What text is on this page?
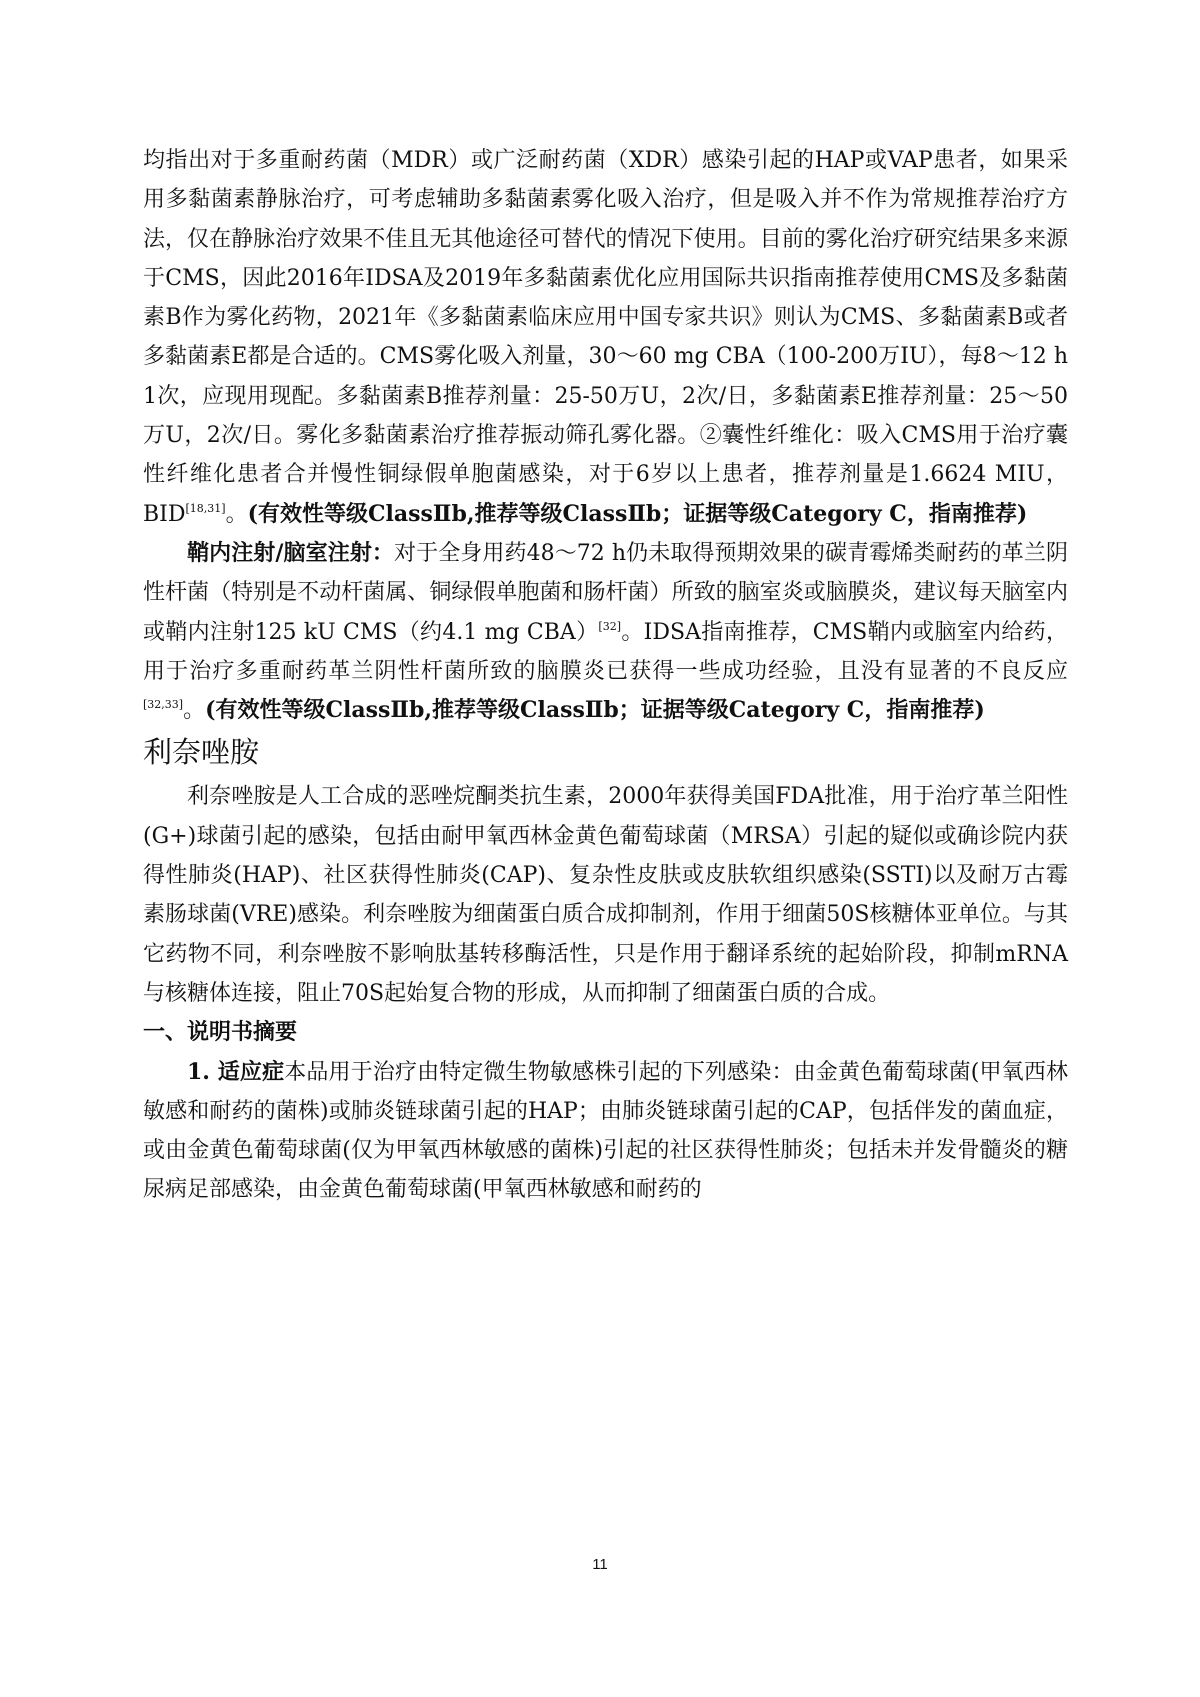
均指出对于多重耐药菌（MDR）或广泛耐药菌（XDR）感染引起的HAP或VAP患者，如果采用多黏菌素静脉治疗，可考虑辅助多黏菌素雾化吸入治疗，但是吸入并不作为常规推荐治疗方法，仅在静脉治疗效果不佳且无其他途径可替代的情况下使用。目前的雾化治疗研究结果多来源于CMS，因此2016年IDSA及2019年多黏菌素优化应用国际共识指南推荐使用CMS及多黏菌素B作为雾化药物，2021年《多黏菌素临床应用中国专家共识》则认为CMS、多黏菌素B或者多黏菌素E都是合适的。CMS雾化吸入剂量，30～60 mg CBA（100-200万IU），每8～12 h 1次，应现用现配。多黏菌素B推荐剂量：25-50万U，2次/日，多黏菌素E推荐剂量：25～50万U，2次/日。雾化多黏菌素治疗推荐振动筛孔雾化器。②囊性纤维化：吸入CMS用于治疗囊性纤维化患者合并慢性铜绿假单胞菌感染，对于6岁以上患者，推荐剂量是1.6624 MIU，BID[18,31]。(有效性等级ClassⅡb,推荐等级ClassⅡb；证据等级Category C，指南推荐)

鞘内注射/脑室注射：对于全身用药48～72 h仍未取得预期效果的碳青霉烯类耐药的革兰阴性杆菌（特别是不动杆菌属、铜绿假单胞菌和肠杆菌）所致的脑室炎或脑膜炎，建议每天脑室内或鞘内注射125 kU CMS（约4.1 mg CBA）[32]。IDSA指南推荐，CMS鞘内或脑室内给药，用于治疗多重耐药革兰阴性杆菌所致的脑膜炎已获得一些成功经验，且没有显著的不良反应[32,33]。(有效性等级ClassⅡb,推荐等级ClassⅡb；证据等级Category C，指南推荐)

利奈唑胺

利奈唑胺是人工合成的恶唑烷酮类抗生素，2000年获得美国FDA批准，用于治疗革兰阳性(G+)球菌引起的感染，包括由耐甲氧西林金黄色葡萄球菌（MRSA）引起的疑似或确诊院内获得性肺炎(HAP)、社区获得性肺炎(CAP)、复杂性皮肤或皮肤软组织感染(SSTI)以及耐万古霉素肠球菌(VRE)感染。利奈唑胺为细菌蛋白质合成抑制剂，作用于细菌50S核糖体亚单位。与其它药物不同，利奈唑胺不影响肽基转移酶活性，只是作用于翻译系统的起始阶段，抑制mRNA与核糖体连接，阻止70S起始复合物的形成，从而抑制了细菌蛋白质的合成。

一、说明书摘要

1. 适应症本品用于治疗由特定微生物敏感株引起的下列感染：由金黄色葡萄球菌(甲氧西林敏感和耐药的菌株)或肺炎链球菌引起的HAP；由肺炎链球菌引起的CAP，包括伴发的菌血症，或由金黄色葡萄球菌(仅为甲氧西林敏感的菌株)引起的社区获得性肺炎；包括未并发骨髓炎的糖尿病足部感染，由金黄色葡萄球菌(甲氧西林敏感和耐药的

11
